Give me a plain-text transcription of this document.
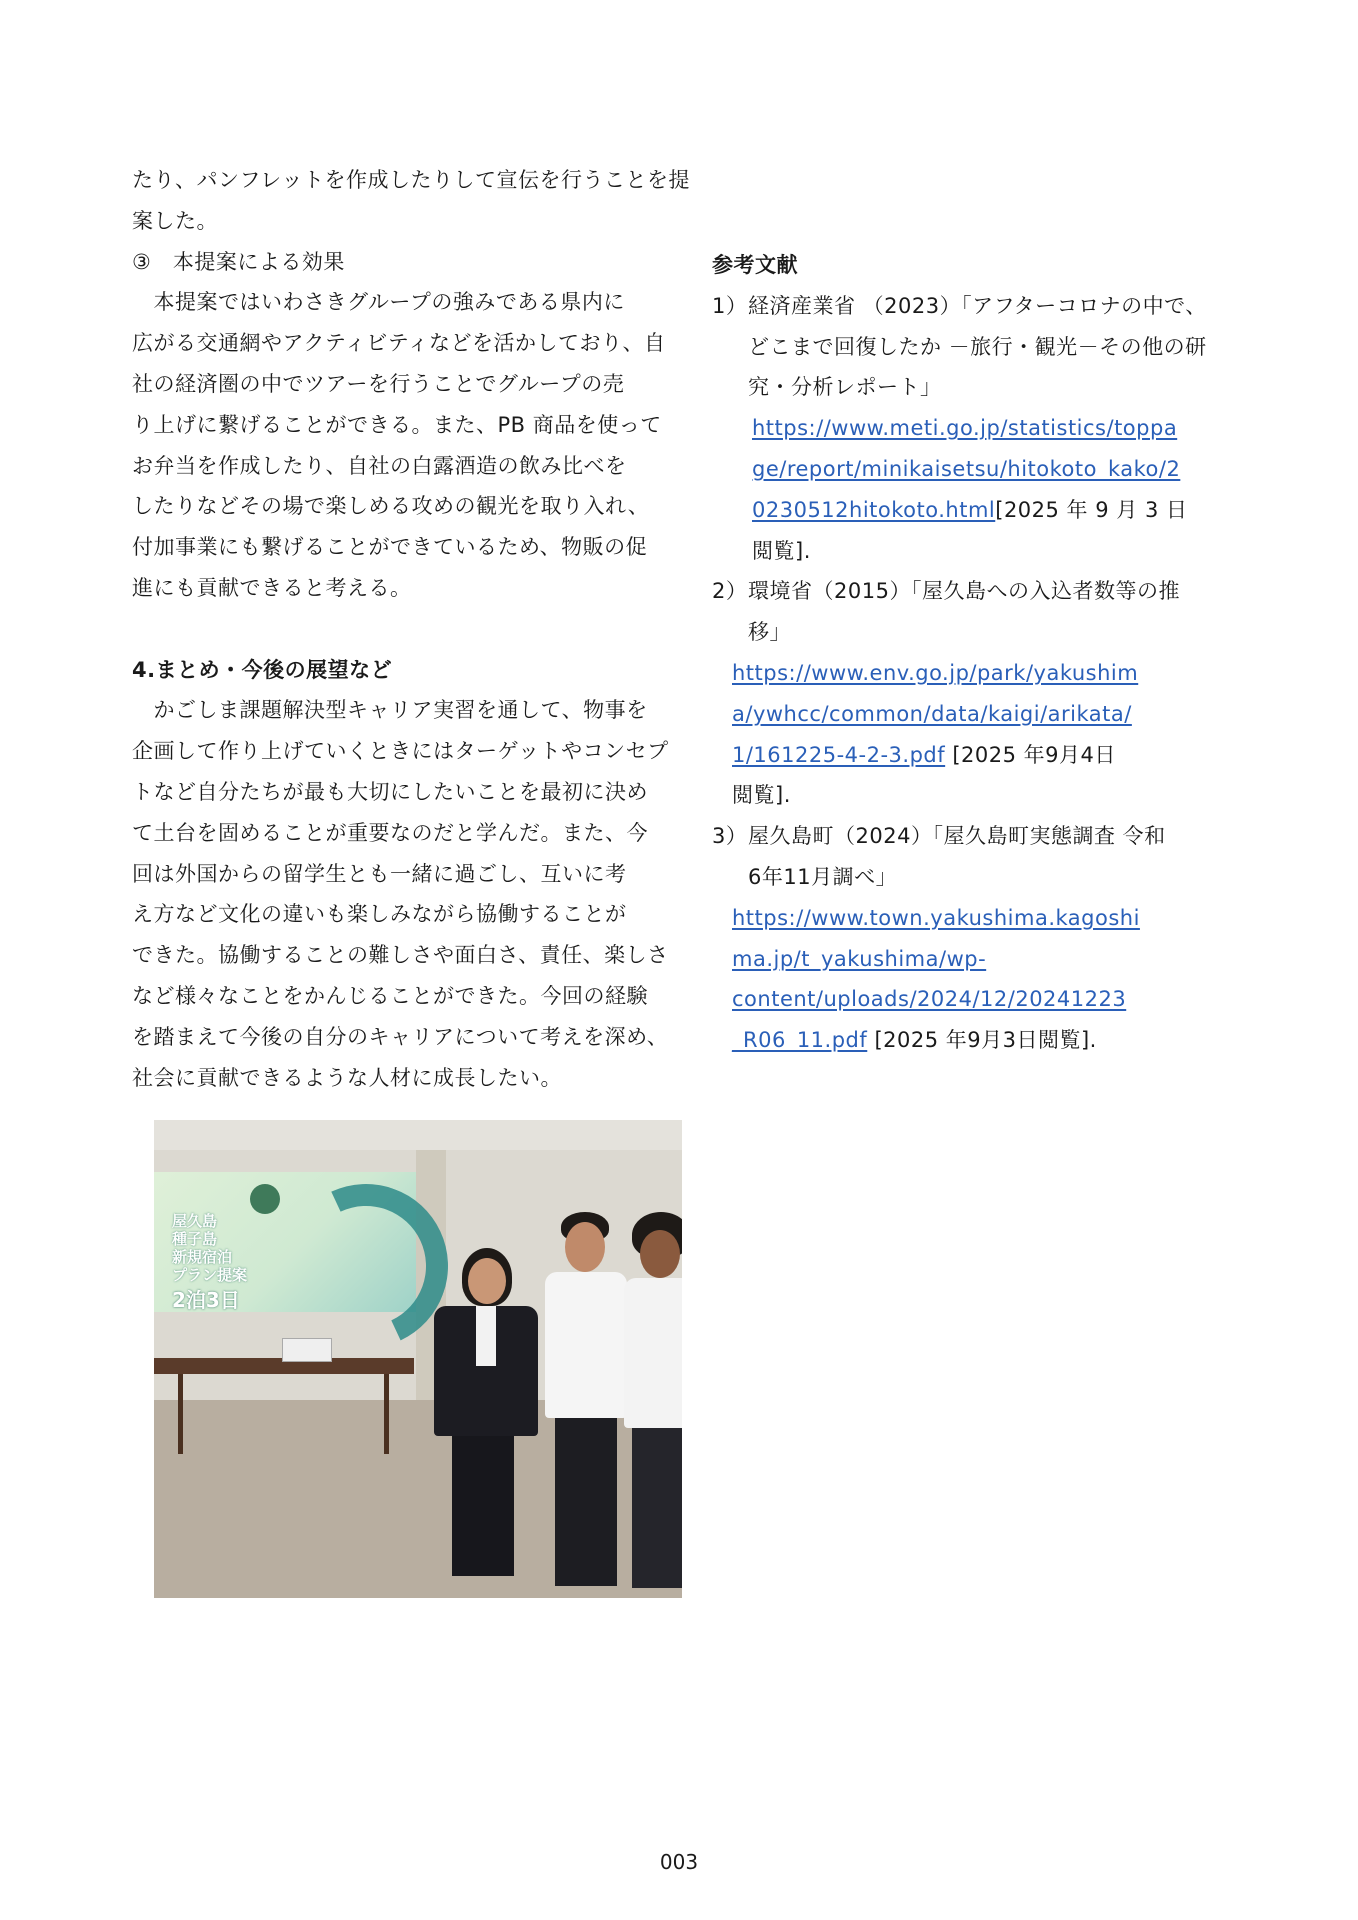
たり、パンフレットを作成したりして宣伝を行うことを提
案した。
③　本提案による効果
　本提案ではいわさきグループの強みである県内に
広がる交通網やアクティビティなどを活かしており、自
社の経済圏の中でツアーを行うことでグループの売
り上げに繋げることができる。また、PB 商品を使って
お弁当を作成したり、自社の白露酒造の飲み比べを
したりなどその場で楽しめる攻めの観光を取り入れ、
付加事業にも繋げることができているため、物販の促
進にも貢献できると考える。
4.まとめ・今後の展望など
　かごしま課題解決型キャリア実習を通して、物事を
企画して作り上げていくときにはターゲットやコンセプ
トなど自分たちが最も大切にしたいことを最初に決め
て土台を固めることが重要なのだと学んだ。また、今
回は外国からの留学生とも一緒に過ごし、互いに考
え方など文化の違いも楽しみながら協働することが
できた。協働することの難しさや面白さ、責任、楽しさ
など様々なことをかんじることができた。今回の経験
を踏まえて今後の自分のキャリアについて考えを深め、
社会に貢献できるような人材に成長したい。
屋久島
種子島
新規宿泊
プラン提案
2泊3日
参考文献
1）経済産業省 （2023）「アフターコロナの中で、
どこまで回復したか －旅行・観光－その他の研
究・分析レポート」
https://www.meti.go.jp/statistics/toppa
ge/report/minikaisetsu/hitokoto_kako/2
0230512hitokoto.html[2025 年 9 月 3 日
閲覧].
2）環境省（2015）「屋久島への入込者数等の推
移」
https://www.env.go.jp/park/yakushim
a/ywhcc/common/data/kaigi/arikata/
1/161225-4-2-3.pdf [2025 年9月4日
閲覧].
3）屋久島町（2024）「屋久島町実態調査 令和
6年11月調べ」
https://www.town.yakushima.kagoshi
ma.jp/t_yakushima/wp-
content/uploads/2024/12/20241223
_R06_11.pdf [2025 年9月3日閲覧].
003
